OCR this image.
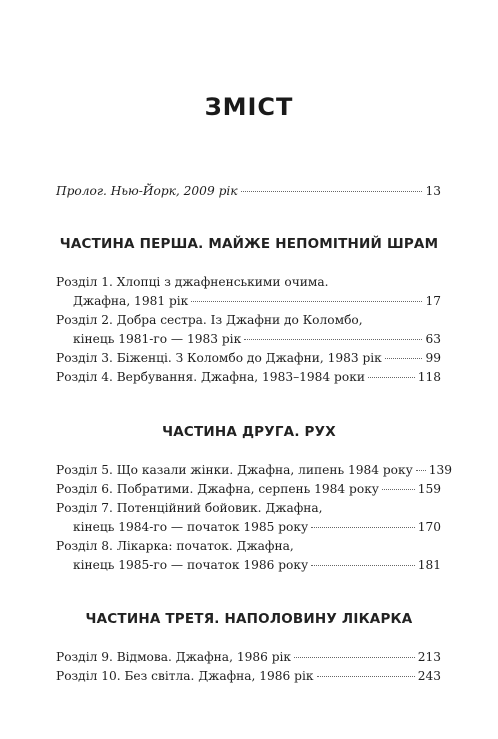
ЗМІСТ
Пролог. Нью-Йорк, 2009 рік	13
ЧАСТИНА ПЕРША. МАЙЖЕ НЕПОМІТНИЙ ШРАМ
Розділ 1. Хлопці з джафненськими очима.
Джафна, 1981 рік	17
Розділ 2. Добра сестра. Із Джафни до Коломбо,
кінець 1981-го — 1983 рік	63
Розділ 3. Біженці. З Коломбо до Джафни, 1983 рік	99
Розділ 4. Вербування. Джафна, 1983–1984 роки	118
ЧАСТИНА ДРУГА. РУХ
Розділ 5. Що казали жінки. Джафна, липень 1984 року 139
Розділ 6. Побратими. Джафна, серпень 1984 року	159
Розділ 7. Потенційний бойовик. Джафна,
кінець 1984-го — початок 1985 року	170
Розділ 8. Лікарка: початок. Джафна,
кінець 1985-го — початок 1986 року	181
ЧАСТИНА ТРЕТЯ. НАПОЛОВИНУ ЛІКАРКА
Розділ 9. Відмова. Джафна, 1986 рік	213
Розділ 10. Без світла. Джафна, 1986 рік	243
